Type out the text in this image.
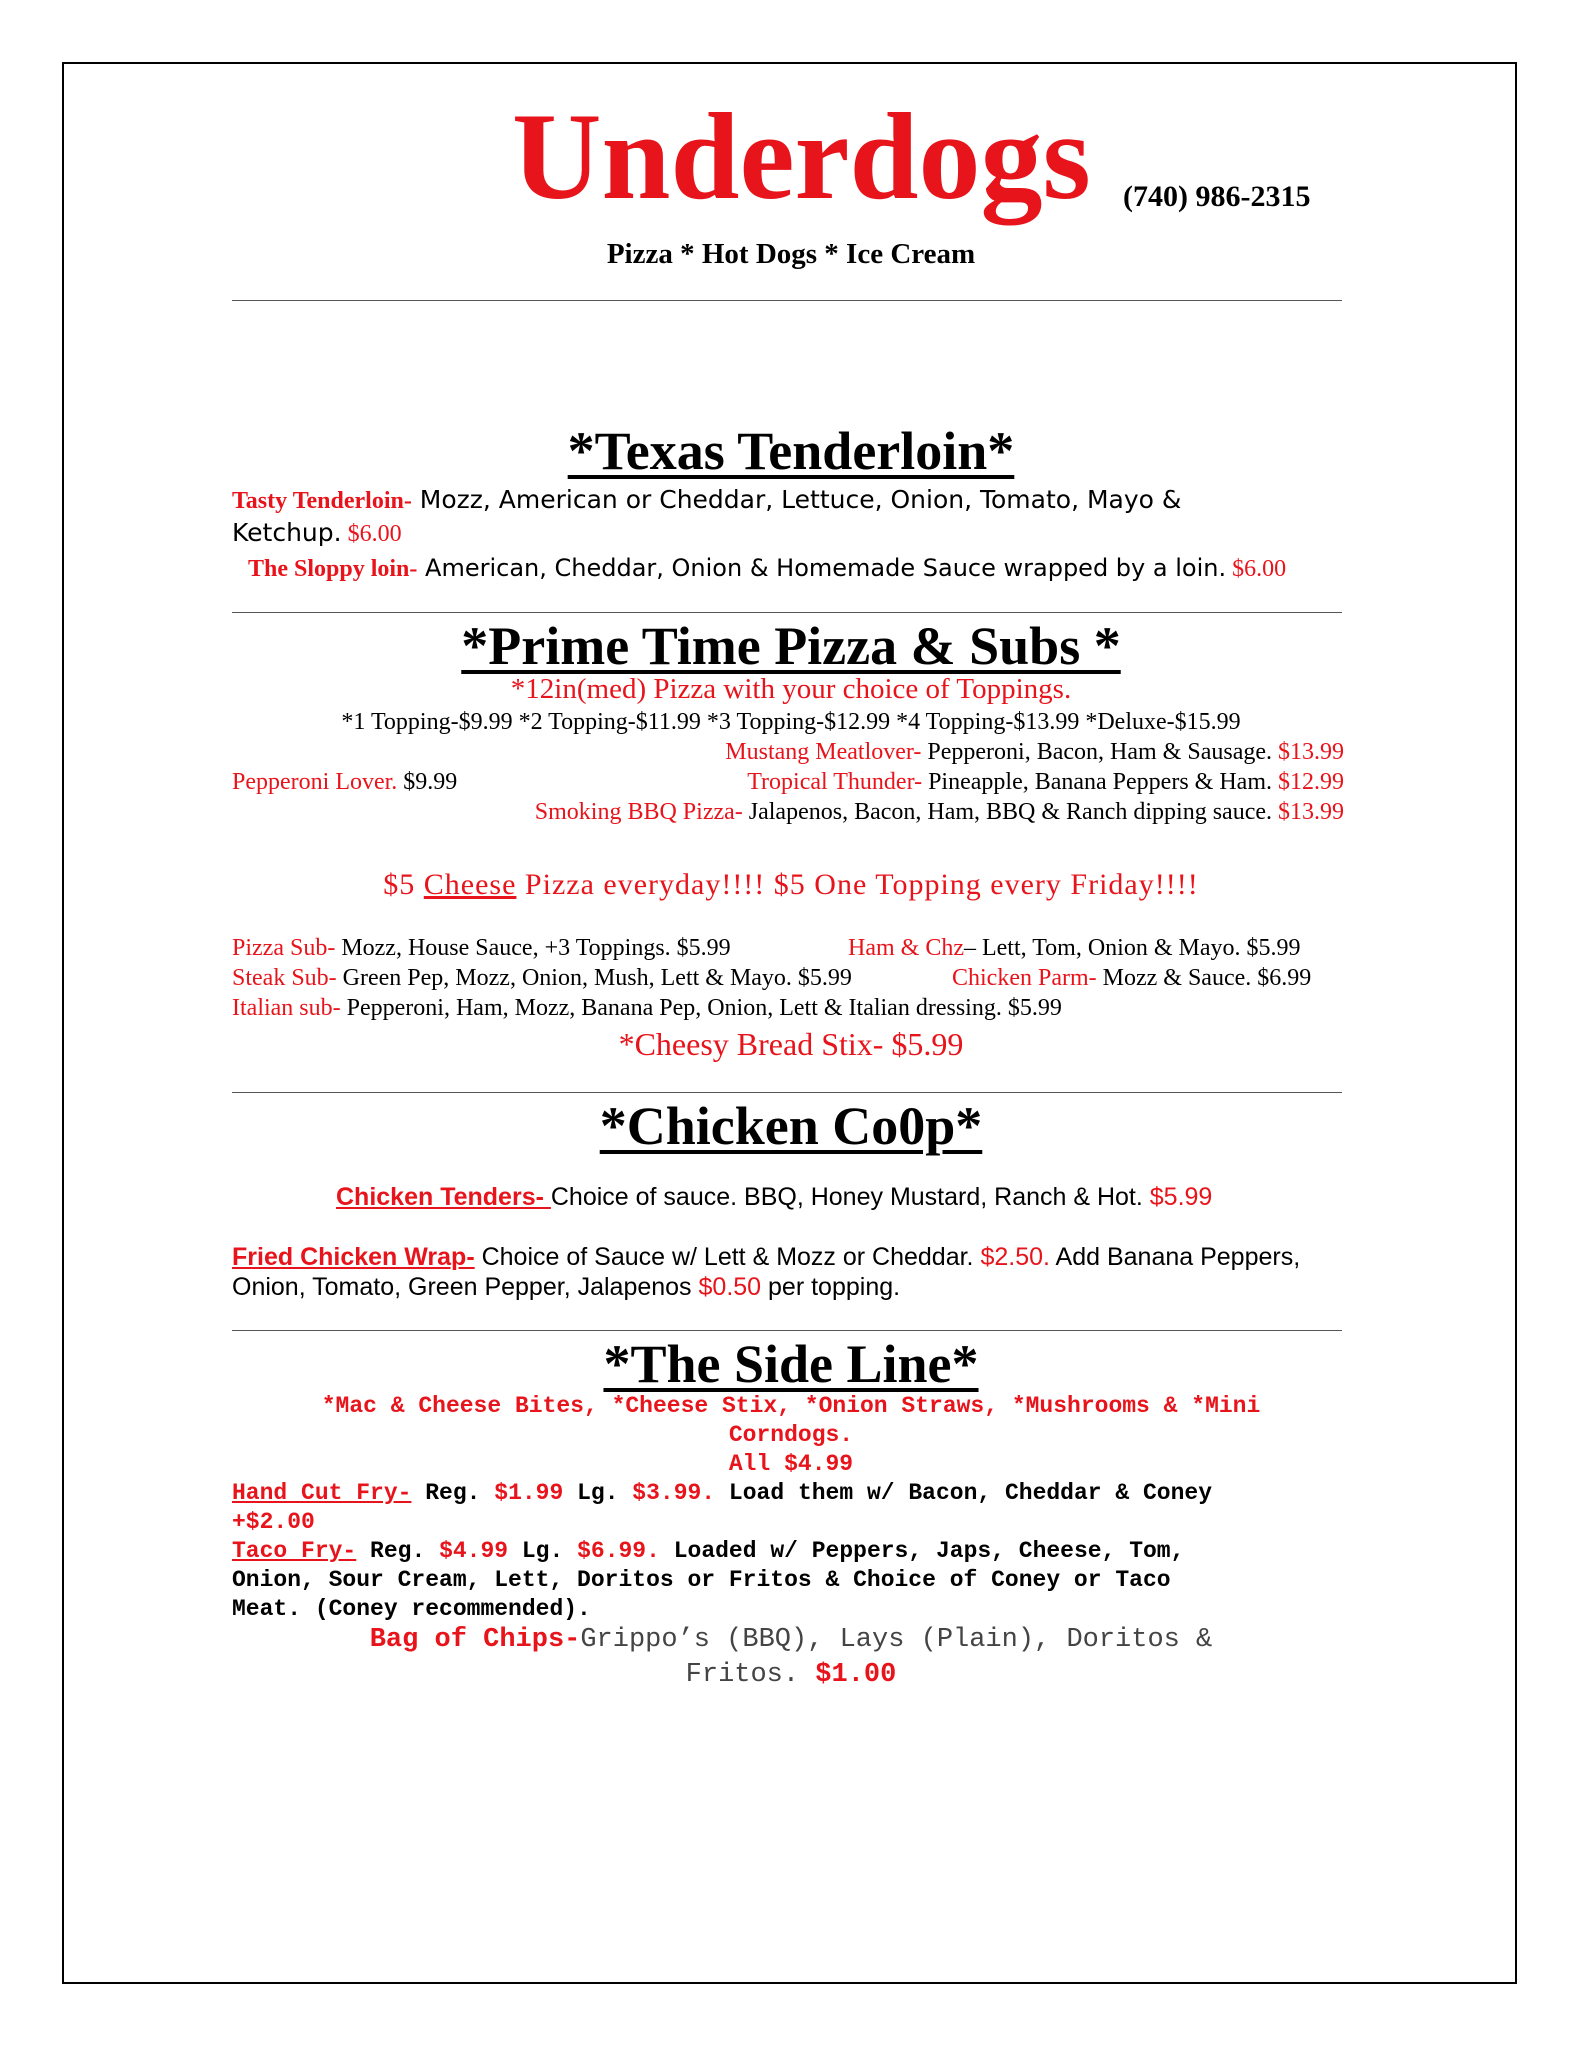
Underdogs (740) 986-2315
Pizza * Hot Dogs * Ice Cream
*Texas Tenderloin*
Tasty Tenderloin- Mozz, American or Cheddar, Lettuce, Onion, Tomato, Mayo &
Ketchup. $6.00
The Sloppy loin- American, Cheddar, Onion & Homemade Sauce wrapped by a loin. $6.00
*Prime Time Pizza & Subs *
*12in(med) Pizza with your choice of Toppings.
*1 Topping-$9.99 *2 Topping-$11.99 *3 Topping-$12.99 *4 Topping-$13.99 *Deluxe-$15.99
Mustang Meatlover- Pepperoni, Bacon, Ham & Sausage. $13.99
Pepperoni Lover. $9.99	Tropical Thunder- Pineapple, Banana Peppers & Ham. $12.99
Smoking BBQ Pizza- Jalapenos, Bacon, Ham, BBQ & Ranch dipping sauce. $13.99
$5 Cheese Pizza everyday!!!! $5 One Topping every Friday!!!!
Pizza Sub- Mozz, House Sauce, +3 Toppings. $5.99	Ham & Chz– Lett, Tom, Onion & Mayo. $5.99
Steak Sub- Green Pep, Mozz, Onion, Mush, Lett & Mayo. $5.99	Chicken Parm- Mozz & Sauce. $6.99
Italian sub- Pepperoni, Ham, Mozz, Banana Pep, Onion, Lett & Italian dressing. $5.99
*Cheesy Bread Stix- $5.99
*Chicken Co0p*
Chicken Tenders- Choice of sauce. BBQ, Honey Mustard, Ranch & Hot. $5.99
Fried Chicken Wrap- Choice of Sauce w/ Lett & Mozz or Cheddar. $2.50. Add Banana Peppers,
Onion, Tomato, Green Pepper, Jalapenos $0.50 per topping.
*The Side Line*
*Mac & Cheese Bites, *Cheese Stix, *Onion Straws, *Mushrooms & *Mini
Corndogs.
All $4.99
Hand Cut Fry- Reg. $1.99 Lg. $3.99. Load them w/ Bacon, Cheddar & Coney
+$2.00
Taco Fry- Reg. $4.99 Lg. $6.99. Loaded w/ Peppers, Japs, Cheese, Tom,
Onion, Sour Cream, Lett, Doritos or Fritos & Choice of Coney or Taco
Meat. (Coney recommended).
Bag of Chips-Grippo’s (BBQ), Lays (Plain), Doritos &
Fritos. $1.00
